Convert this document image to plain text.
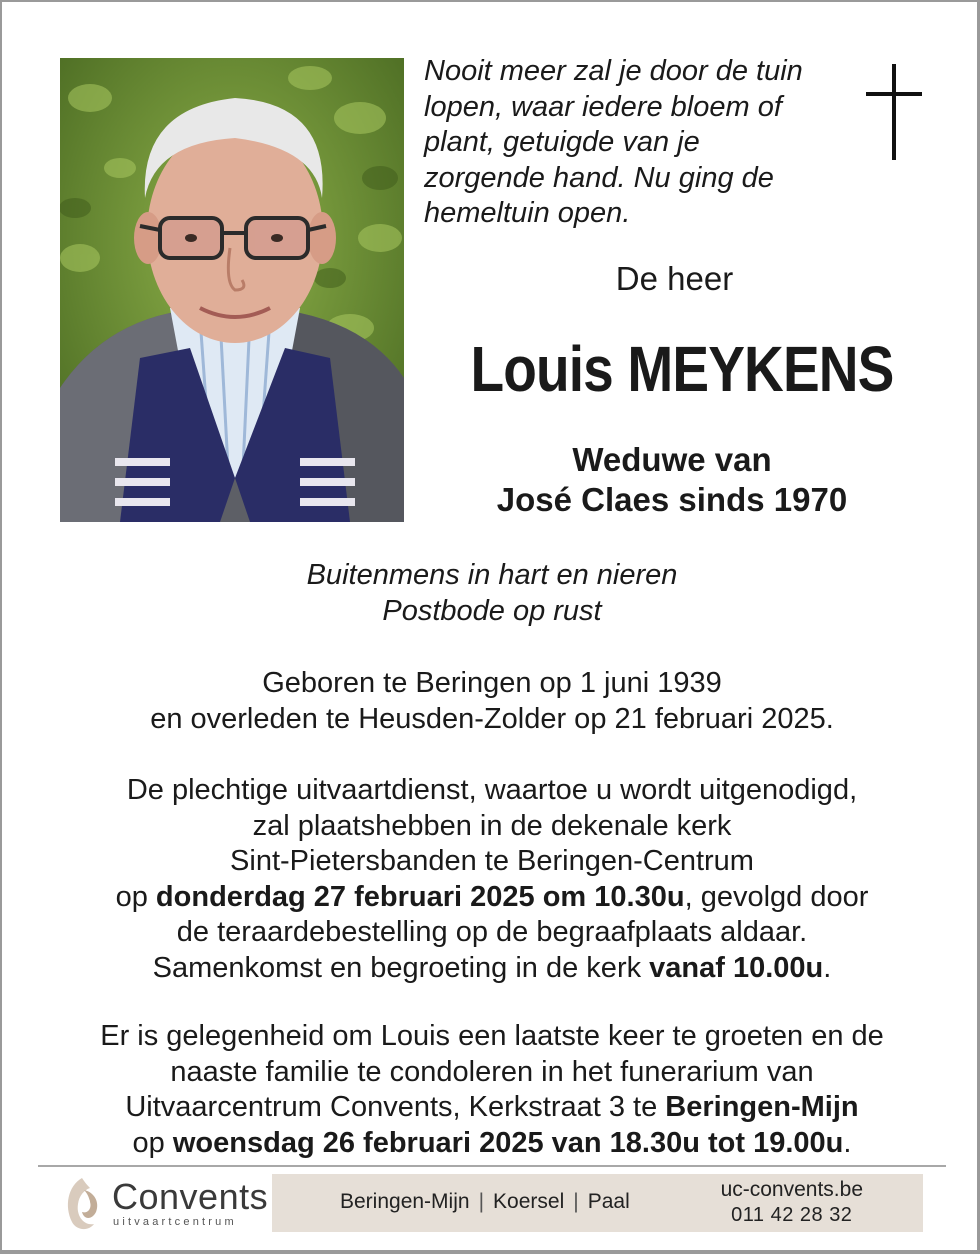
Nooit meer zal je door de tuin
lopen, waar iedere bloem of
plant, getuigde van je
zorgende hand. Nu ging de
hemeltuin open.
De heer
Louis MEYKENS
Weduwe van
José Claes sinds 1970
Buitenmens in hart en nieren
Postbode op rust
Geboren te Beringen op 1 juni 1939
en overleden te Heusden-Zolder op 21 februari 2025.
De plechtige uitvaartdienst, waartoe u wordt uitgenodigd,
zal plaatshebben in de dekenale kerk
Sint-Pietersbanden te Beringen-Centrum
op donderdag 27 februari 2025 om 10.30u, gevolgd door
de teraardebestelling op de begraafplaats aldaar.
Samenkomst en begroeting in de kerk vanaf 10.00u.
Er is gelegenheid om Louis een laatste keer te groeten en de
naaste familie te condoleren in het funerarium van
Uitvaarcentrum Convents, Kerkstraat 3 te Beringen-Mijn
op woensdag 26 februari 2025 van 18.30u tot 19.00u.
Convents
uitvaartcentrum
Beringen-Mijn | Koersel | Paal
uc-convents.be
011 42 28 32
